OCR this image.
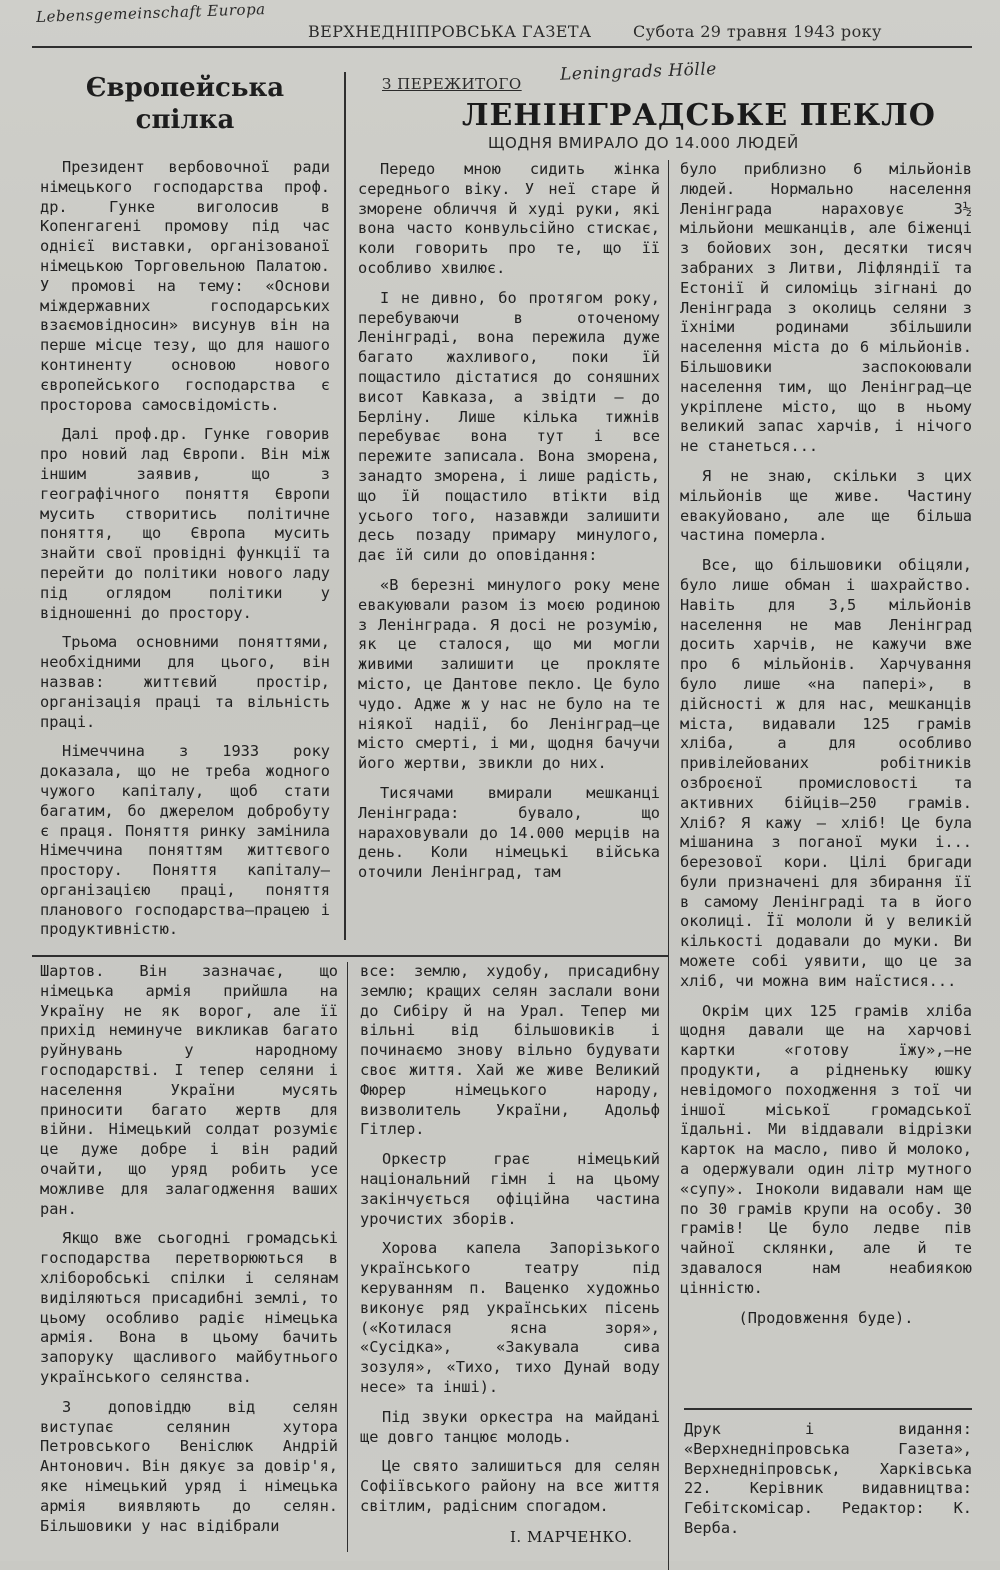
Lebensgemeinschaft Europa
ВЕРХНЕДНІПРОВСЬКА ГАЗЕТА	Субота 29 травня 1943 року
Європейська спілка

Президент вербовочної ради німецького господарства проф. др. Гунке виголосив в Копенгагені промову під час однієї виставки, організованої німецькою Торговельною Палатою. У промові на тему: «Основи міждержавних господарських взаємовідносин» висунув він на перше місце тезу, що для нашого континенту основою нового європейського господарства є просторова самосвідомість.

Далі проф.др. Гунке говорив про новий лад Європи. Він між іншим заявив, що з географічного поняття Європи мусить створитись політичне поняття, що Європа мусить знайти свої провідні функції та перейти до політики нового ладу під оглядом політики у відношенні до простору.

Трьома основними поняттями, необхідними для цього, він назвав: життєвий простір, організація праці та вільність праці.

Німеччина з 1933 року доказала, що не треба жодного чужого капіталу, щоб стати багатим, бо джерелом добробуту є праця. Поняття ринку замінила Німеччина поняттям життєвого простору. Поняття капіталу—організацією праці, поняття планового господарства—працею і продуктивністю.

З ПЕРЕЖИТОГО Leningrads Hölle
ЛЕНІНГРАДСЬКЕ ПЕКЛО
ЩОДНЯ ВМИРАЛО ДО 14.000 ЛЮДЕЙ

Передо мною сидить жінка середнього віку. У неї старе й зморене обличчя й худі руки, які вона часто конвульсійно стискає, коли говорить про те, що її особливо хвилює.

І не дивно, бо протягом року, перебуваючи в оточеному Ленінграді, вона пережила дуже багато жахливого, поки їй пощастило дістатися до соняшних висот Кавказа, а звідти — до Берліну. Лише кілька тижнів перебуває вона тут і все пережите записала. Вона зморена, занадто зморена, і лише радість, що їй пощастило втікти від усього того, назавжди залишити десь позаду примару минулого, дає їй сили до оповідання:

«В березні минулого року мене евакуювали разом із моєю родиною з Ленінграда. Я досі не розумію, як це сталося, що ми могли живими залишити це прокляте місто, це Дантове пекло. Це було чудо. Адже ж у нас не було на те ніякої надії, бо Ленінград—це місто смерті, і ми, щодня бачучи його жертви, звикли до них.

Тисячами вмирали мешканці Ленінграда: бувало, що нараховували до 14.000 мерців на день. Коли німецькі війська оточили Ленінград, там

було приблизно 6 мільйонів людей. Нормально населення Ленінграда нараховує 3½ мільйони мешканців, але біженці з бойових зон, десятки тисяч забраних з Литви, Ліфляндії та Естонії й силоміць зігнані до Ленінграда з околиць селяни з їхніми родинами збільшили населення міста до 6 мільйонів. Більшовики заспокоювали населення тим, що Ленінград—це укріплене місто, що в ньому великий запас харчів, і нічого не станеться...

Я не знаю, скільки з цих мільйонів ще живе. Частину евакуйовано, але ще більша частина померла.

Все, що більшовики обіцяли, було лише обман і шахрайство. Навіть для 3,5 мільйонів населення не мав Ленінград досить харчів, не кажучи вже про 6 мільйонів. Харчування було лише «на папері», в дійсності ж для нас, мешканців міста, видавали 125 грамів хліба, а для особливо привілейованих робітників озброєної промисловості та активних бійців—250 грамів. Хліб? Я кажу — хліб! Це була мішанина з поганої муки і... березової кори. Цілі бригади були призначені для збирання її в самому Ленінграді та в його околиці. Її мололи й у великій кількості додавали до муки. Ви можете собі уявити, що це за хліб, чи можна вим наїстися...

Окрім цих 125 грамів хліба щодня давали ще на харчові картки «готову їжу»,—не продукти, а рідненьку юшку невідомого походження з тої чи іншої міської громадської їдальні. Ми віддавали відрізки карток на масло, пиво й молоко, а одержували один літр мутного «супу». Іноколи видавали нам ще по 30 грамів крупи на особу. 30 грамів! Це було ледве пів чайної склянки, але й те здавалося нам неабиякою цінністю.

(Продовження буде).

Шартов. Він зазначає, що німецька армія прийшла на Україну не як ворог, але її прихід неминуче викликав багато руйнувань у народному господарстві. І тепер селяни і населення України мусять приносити багато жертв для війни. Німецький солдат розуміє це дуже добре і він радий очайти, що уряд робить усе можливе для залагодження ваших ран.

Якщо вже сьогодні громадські господарства перетворюються в хліборобські спілки і селянам виділяються присадибні землі, то цьому особливо радіє німецька армія. Вона в цьому бачить запоруку щасливого майбутнього українського селянства.

З доповіддю від селян виступає селянин хутора Петровського Веніслюк Андрій Антонович. Він дякує за довір'я, яке німецький уряд і німецька армія виявляють до селян. Більшовики у нас відібрали

все: землю, худобу, присадибну землю; кращих селян заслали вони до Сибіру й на Урал. Тепер ми вільні від більшовиків і починаємо знову вільно будувати своє життя. Хай же живе Великий Фюрер німецького народу, визволитель України, Адольф Гітлер.

Оркестр грає німецький національний гімн і на цьому закінчується офіційна частина урочистих зборів.

Хорова капела Запорізького українського театру під керуванням п. Ваценко художньо виконує ряд українських пісень («Котилася ясна зоря», «Сусідка», «Закувала сива зозуля», «Тихо, тихо Дунай воду несе» та інші).

Під звуки оркестра на майдані ще довго танцює молодь.

Це свято залишиться для селян Софіївського району на все життя світлим, радісним спогадом.

І. МАРЧЕНКО.

Друк і видання: «Верхнедніпровська Газета», Верхнедніпровськ, Харківська 22. Керівник видавництва: Гебітскомісар. Редактор: К. Верба.
